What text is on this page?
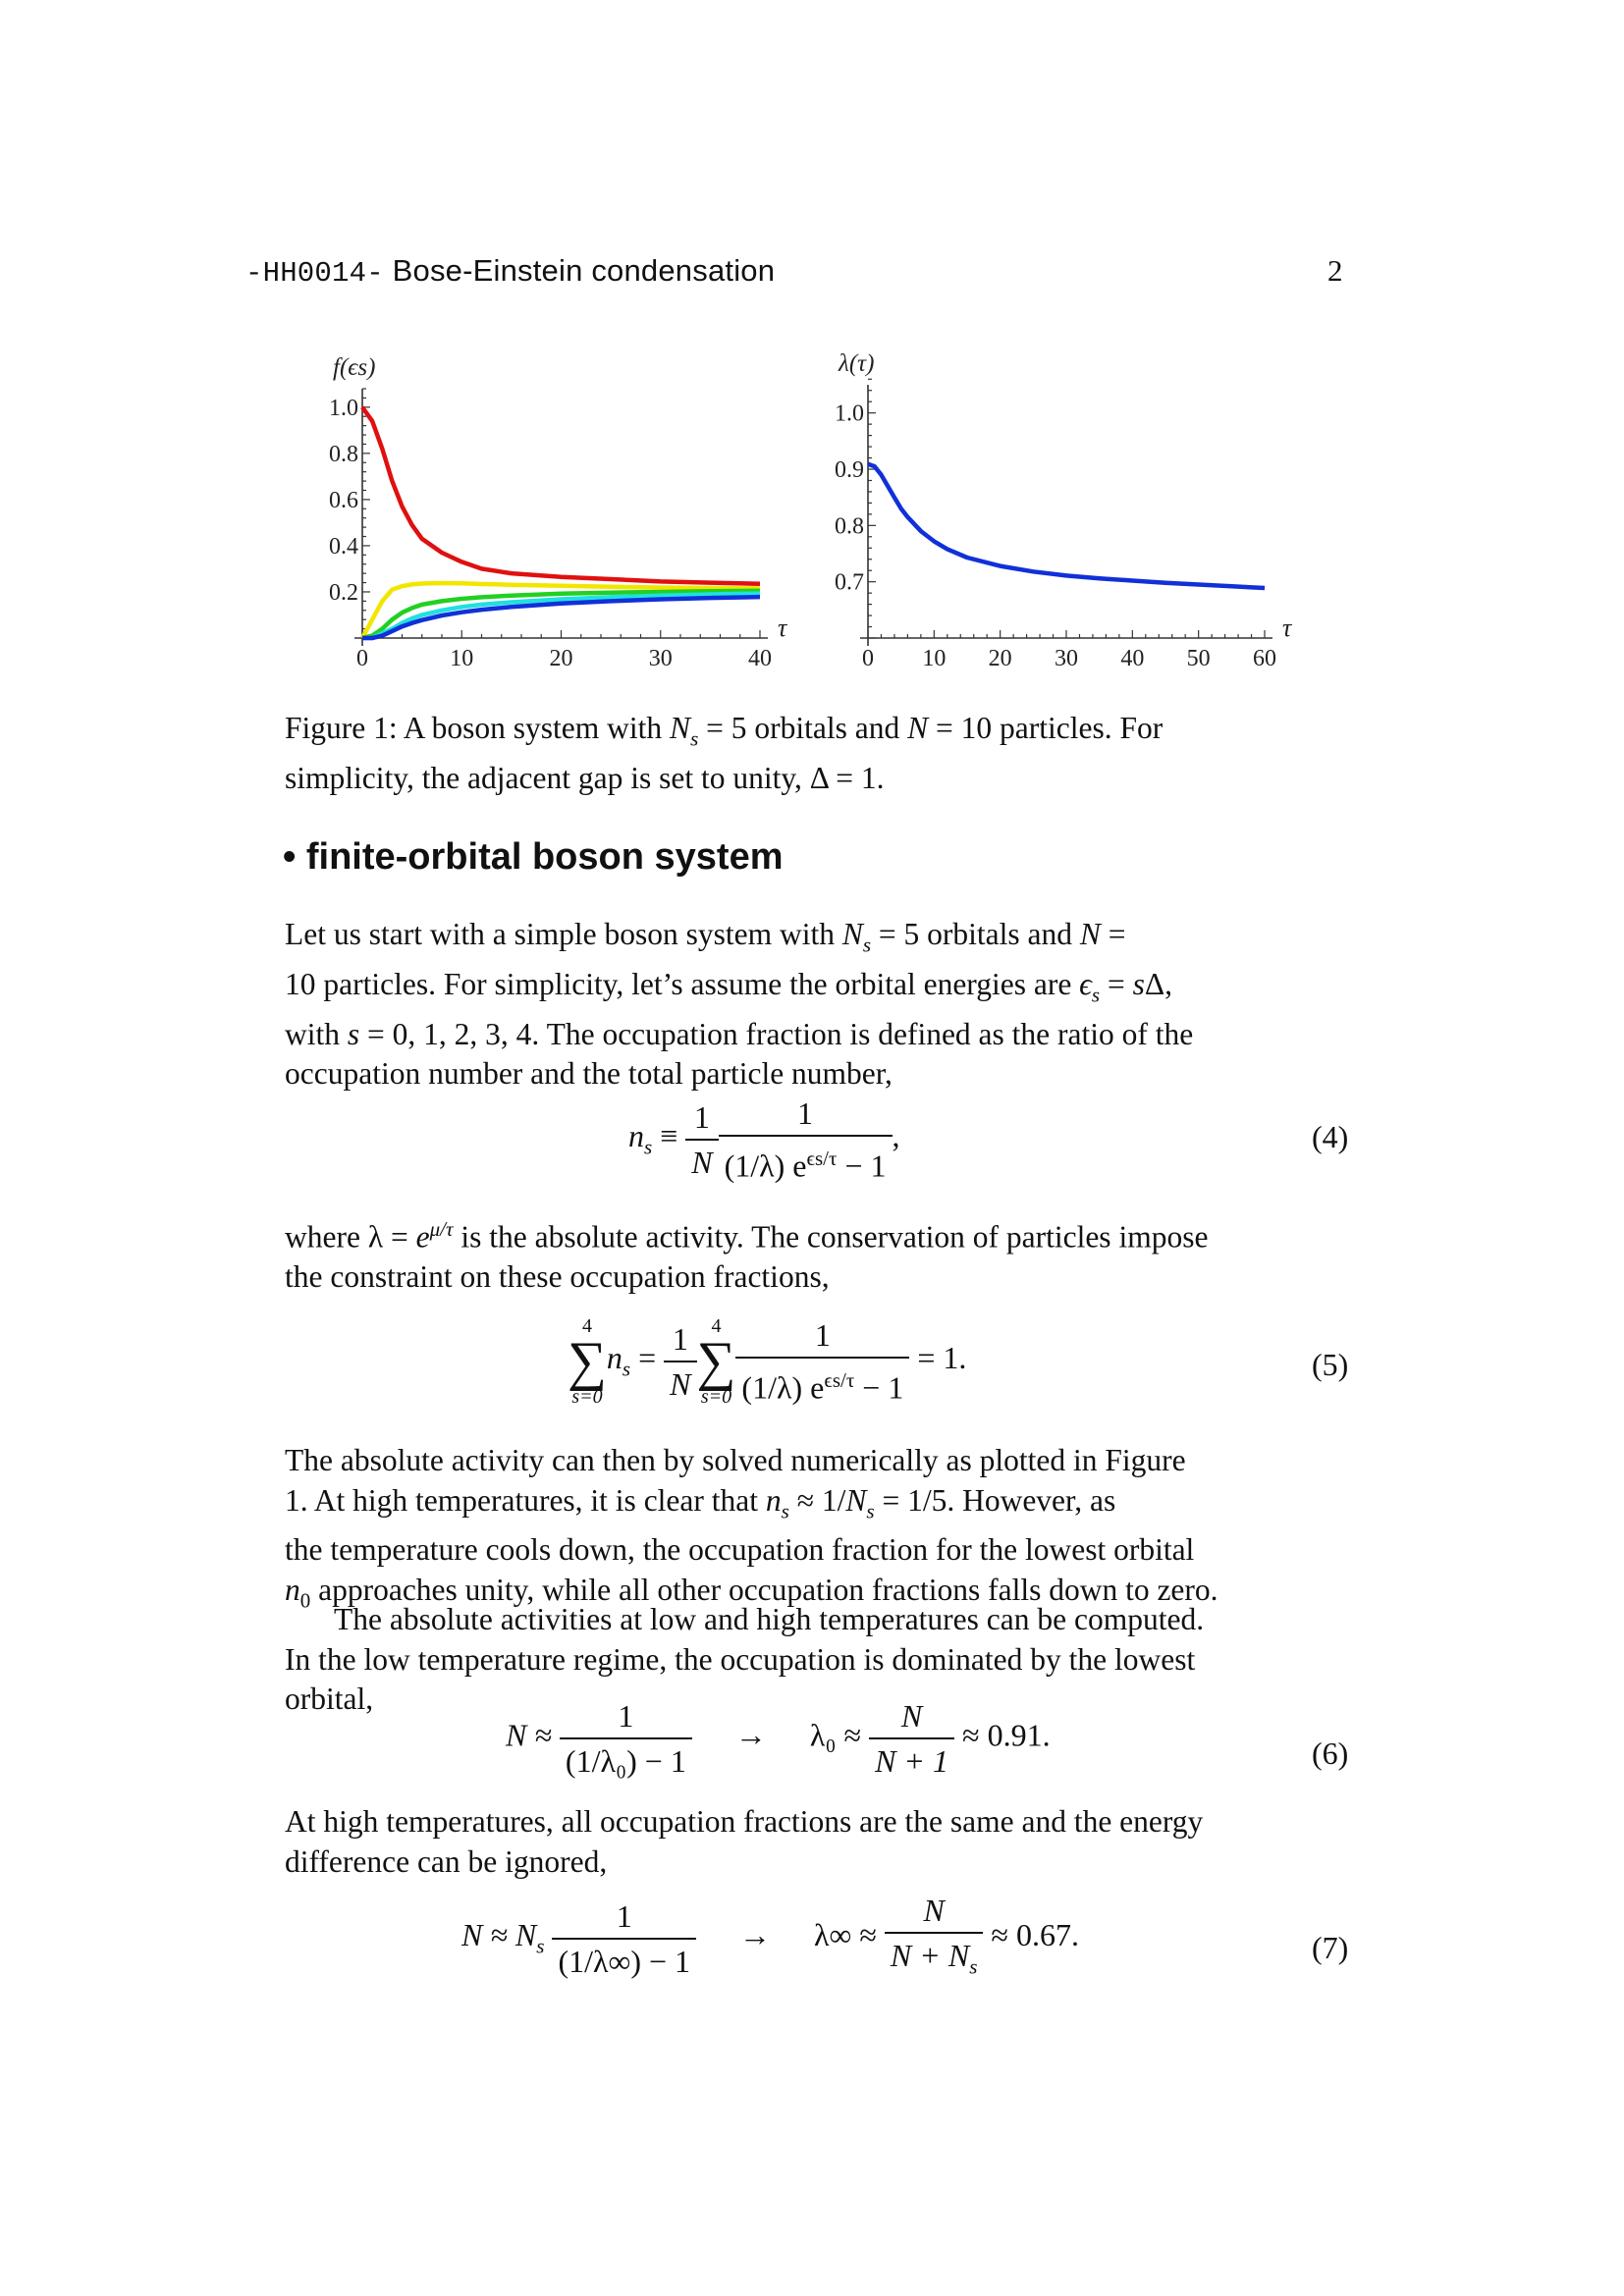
-HH0014- Bose-Einstein condensation	2
0	10	20	30	40
0.2
0.4
0.6
0.8
1.0
f(ϵs)
τ
0 10 20 30 40 50 60
0.7
0.8
0.9
1.0
λ(τ)
τ

Figure 1: A boson system with $N_s = 5$ orbitals and N = 10 particles. For

simplicity, the adjacent gap is set to unity, Δ = 1.

• finite-orbital boson system

Let us start with a simple boson system with $N_s = 5$ orbitals and N =

10 particles. For simplicity, let’s assume the orbital energies are $\epsilon_s = s\Delta$,

with s = 0, 1, 2, 3, 4. The occupation fraction is defined as the ratio of the

occupation number and the total particle number,

$n_s \equiv \frac{1}{N} \frac{1}{(1/\lambda) e^{\epsilon s/\tau} - 1}$ ,	(4)

where $\lambda = e^{\mu/\tau}$ is the absolute activity. The conservation of particles impose

the constraint on these occupation fractions,

4
∑
s=0
$n_s = \frac{1}{N} 4$
∑
$s=0 \frac{1}{(1/\lambda) e^{\epsilon s/\tau} - 1} = 1$.	(5)

The absolute activity can then by solved numerically as plotted in Figure

1. At high temperatures, it is clear that $n_s \approx 1/N_s = 1/5$. However, as

the temperature cools down, the occupation fraction for the lowest orbital

$n_0$ approaches unity, while all other occupation fractions falls down to zero.

The absolute activities at low and high temperatures can be computed.

In the low temperature regime, the occupation is dominated by the lowest

orbital,

$N \approx \frac{1}{\text{(1/λ₀) − 1}} \to \lambda_0 \approx \frac{N}{N + 1} \approx 0.91$.
(6)

At high temperatures, all occupation fractions are the same and the energy

difference can be ignored,

$N \approx N_s \frac{1}{(1/\lambda\infty) - 1} \to \lambda\infty \approx \frac{N}{N + N_s} \approx 0.67$.	(7)
